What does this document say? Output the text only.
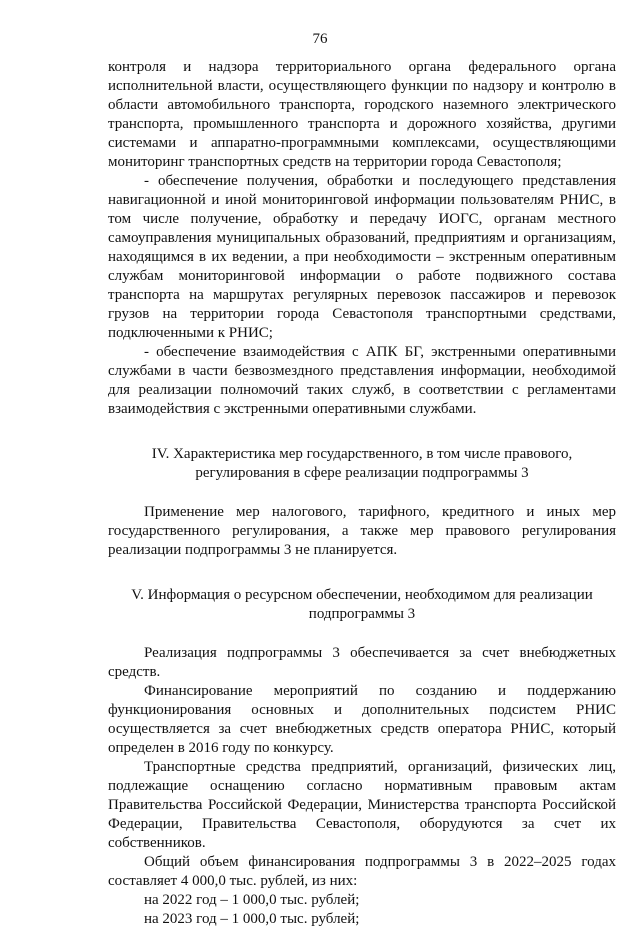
76

контроля и надзора территориального органа федерального органа исполнительной власти, осуществляющего функции по надзору и контролю в области автомобильного транспорта, городского наземного электрического транспорта, промышленного транспорта и дорожного хозяйства, другими системами и аппаратно-программными комплексами, осуществляющими мониторинг транспортных средств на территории города Севастополя;

- обеспечение получения, обработки и последующего представления навигационной и иной мониторинговой информации пользователям РНИС, в том числе получение, обработку и передачу ИОГС, органам местного самоуправления муниципальных образований, предприятиям и организациям, находящимся в их ведении, а при необходимости – экстренным оперативным службам мониторинговой информации о работе подвижного состава транспорта на маршрутах регулярных перевозок пассажиров и перевозок грузов на территории города Севастополя транспортными средствами, подключенными к РНИС;

- обеспечение взаимодействия с АПК БГ, экстренными оперативными службами в части безвозмездного представления информации, необходимой для реализации полномочий таких служб, в соответствии с регламентами взаимодействия с экстренными оперативными службами.

IV. Характеристика мер государственного, в том числе правового,

регулирования в сфере реализации подпрограммы 3

Применение мер налогового, тарифного, кредитного и иных мер государственного регулирования, а также мер правового регулирования реализации подпрограммы 3 не планируется.

V. Информация о ресурсном обеспечении, необходимом для реализации

подпрограммы 3

Реализация подпрограммы 3 обеспечивается за счет внебюджетных средств.

Финансирование мероприятий по созданию и поддержанию функционирования основных и дополнительных подсистем РНИС осуществляется за счет внебюджетных средств оператора РНИС, который определен в 2016 году по конкурсу.

Транспортные средства предприятий, организаций, физических лиц, подлежащие оснащению согласно нормативным правовым актам Правительства Российской Федерации, Министерства транспорта Российской Федерации, Правительства Севастополя, оборудуются за счет их собственников.

Общий объем финансирования подпрограммы 3 в 2022–2025 годах составляет 4 000,0 тыс. рублей, из них:

на 2022 год – 1 000,0 тыс. рублей;

на 2023 год – 1 000,0 тыс. рублей;
